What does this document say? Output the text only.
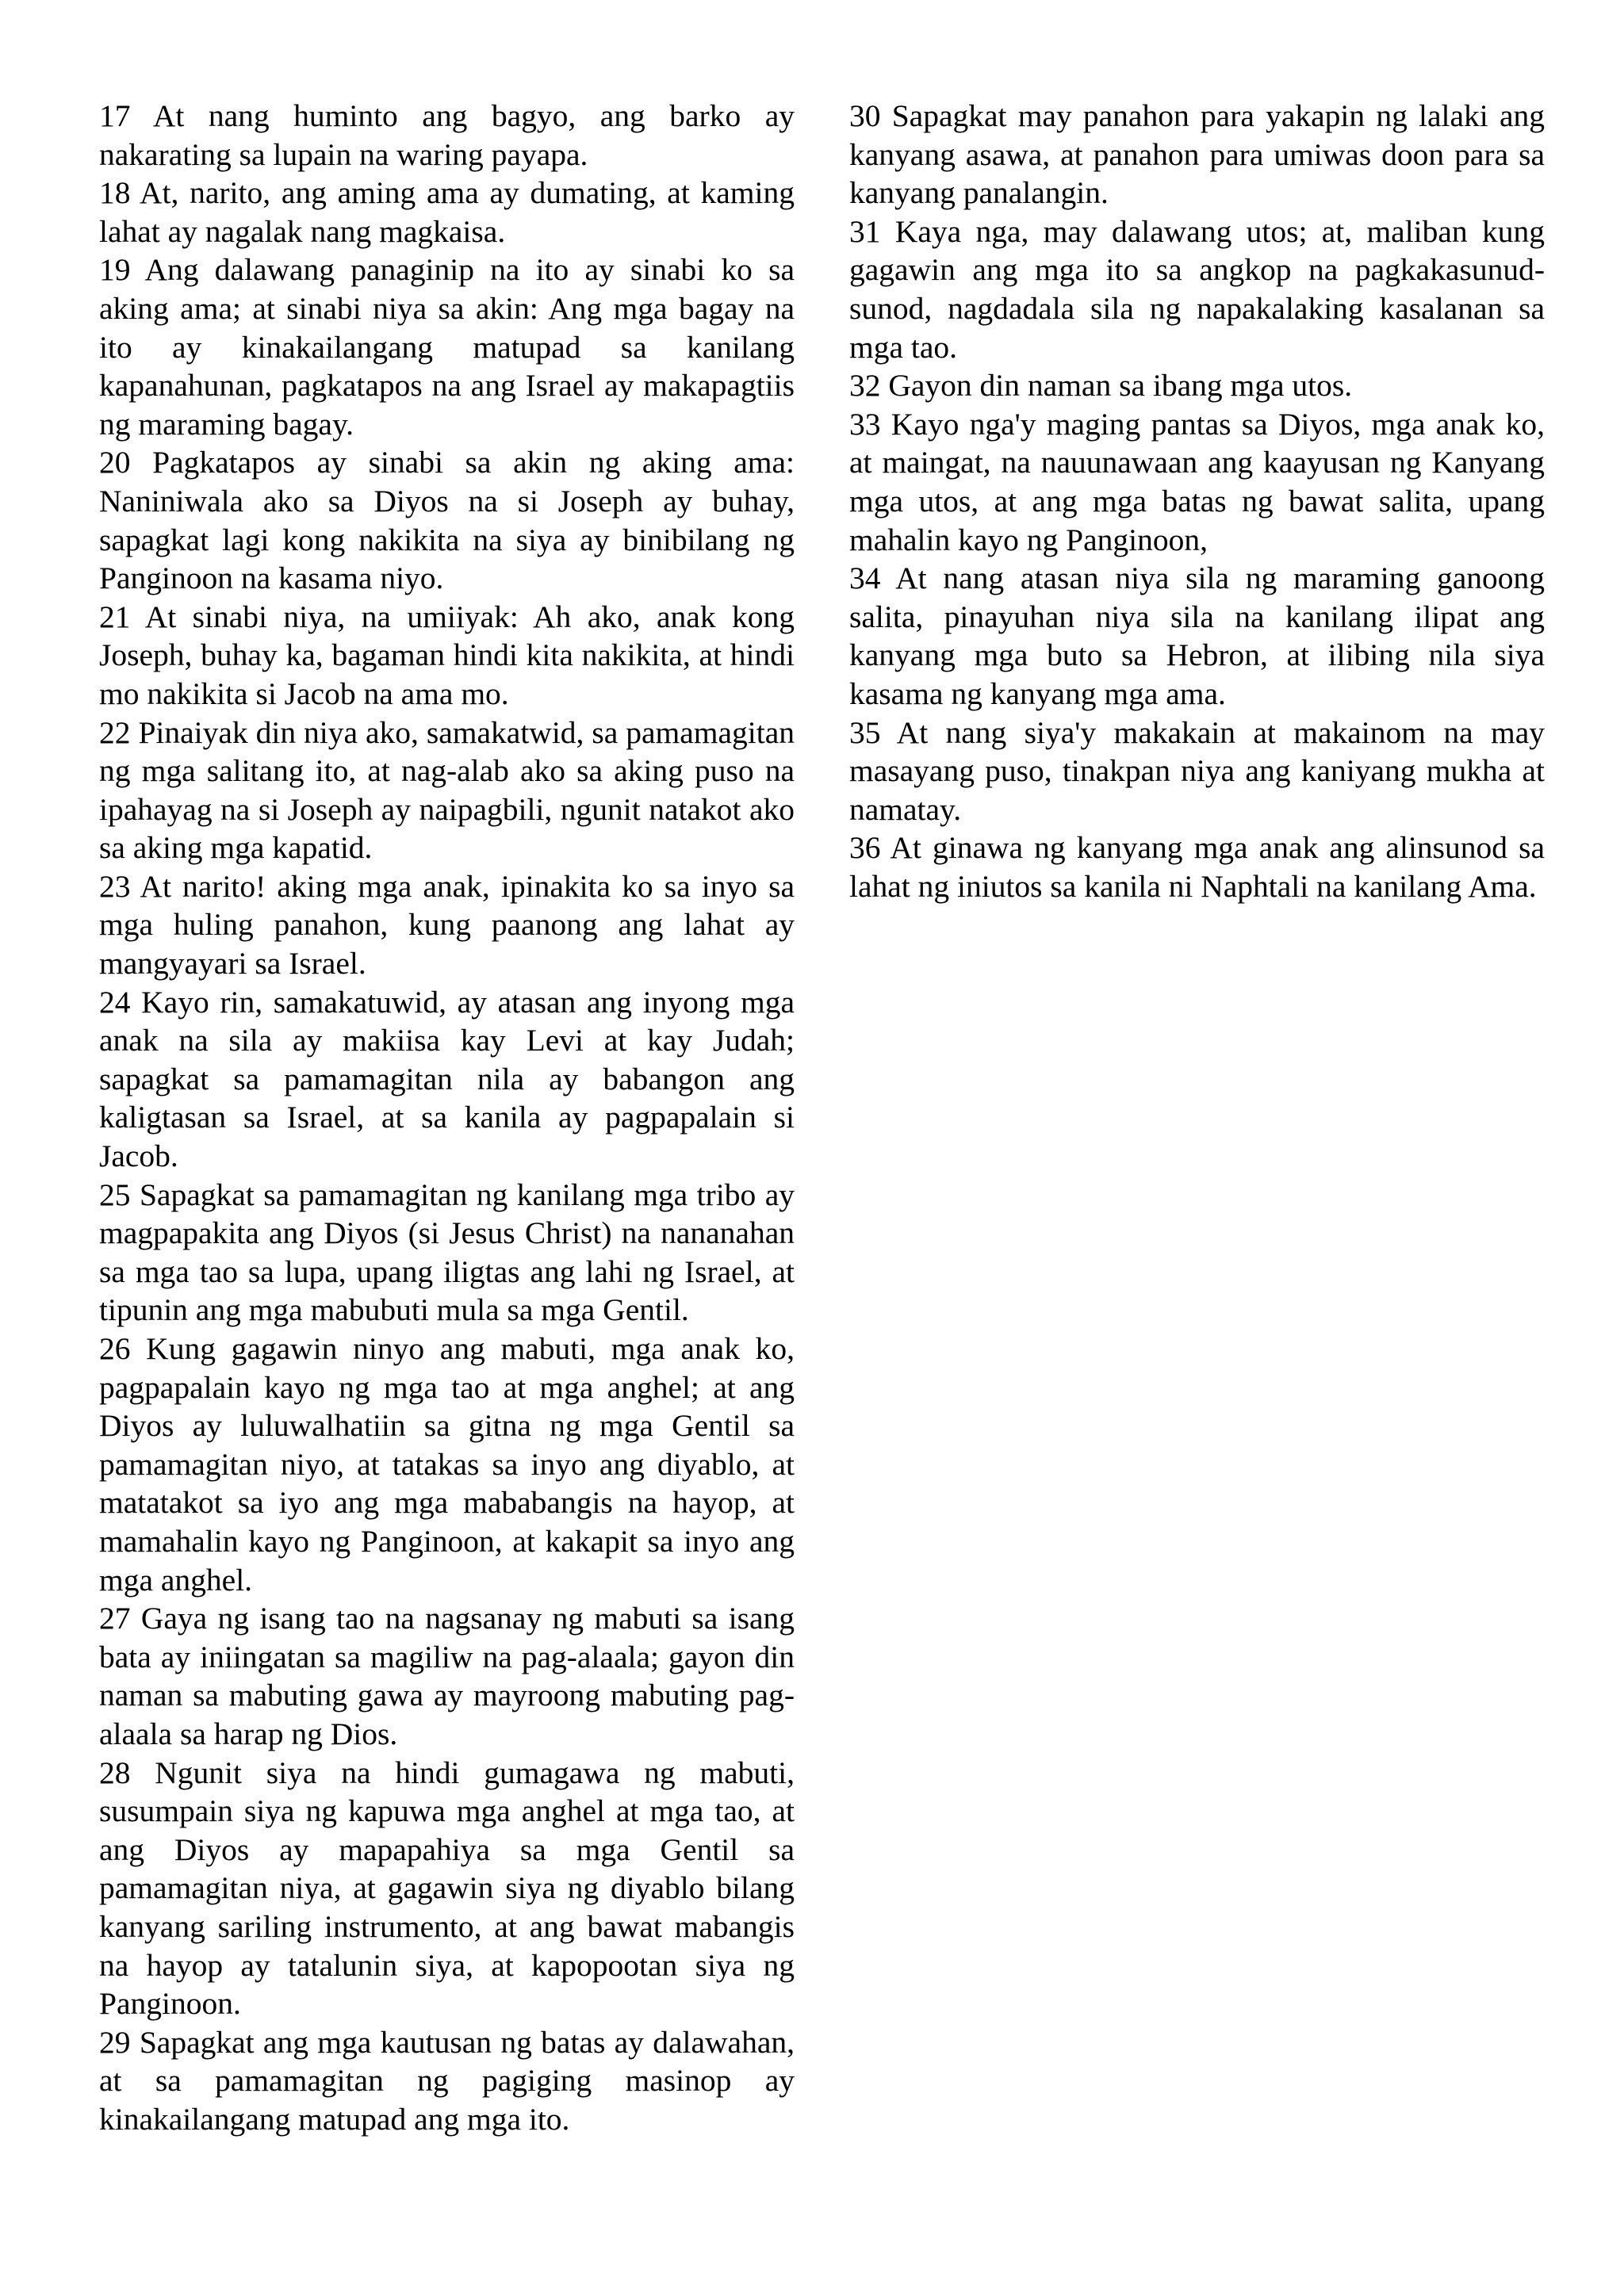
17 At nang huminto ang bagyo, ang barko ay nakarating sa lupain na waring payapa.

18 At, narito, ang aming ama ay dumating, at kaming lahat ay nagalak nang magkaisa.

19 Ang dalawang panaginip na ito ay sinabi ko sa aking ama; at sinabi niya sa akin: Ang mga bagay na ito ay kinakailangang matupad sa kanilang kapanahunan, pagkatapos na ang Israel ay makapagtiis ng maraming bagay.

20 Pagkatapos ay sinabi sa akin ng aking ama: Naniniwala ako sa Diyos na si Joseph ay buhay, sapagkat lagi kong nakikita na siya ay binibilang ng Panginoon na kasama niyo.

21 At sinabi niya, na umiiyak: Ah ako, anak kong Joseph, buhay ka, bagaman hindi kita nakikita, at hindi mo nakikita si Jacob na ama mo.

22 Pinaiyak din niya ako, samakatwid, sa pamamagitan ng mga salitang ito, at nag-alab ako sa aking puso na ipahayag na si Joseph ay naipagbili, ngunit natakot ako sa aking mga kapatid.

23 At narito! aking mga anak, ipinakita ko sa inyo sa mga huling panahon, kung paanong ang lahat ay mangyayari sa Israel.

24 Kayo rin, samakatuwid, ay atasan ang inyong mga anak na sila ay makiisa kay Levi at kay Judah; sapagkat sa pamamagitan nila ay babangon ang kaligtasan sa Israel, at sa kanila ay pagpapalain si Jacob.

25 Sapagkat sa pamamagitan ng kanilang mga tribo ay magpapakita ang Diyos (si Jesus Christ) na nananahan sa mga tao sa lupa, upang iligtas ang lahi ng Israel, at tipunin ang mga mabubuti mula sa mga Gentil.

26 Kung gagawin ninyo ang mabuti, mga anak ko, pagpapalain kayo ng mga tao at mga anghel; at ang Diyos ay luluwalhatiin sa gitna ng mga Gentil sa pamamagitan niyo, at tatakas sa inyo ang diyablo, at matatakot sa iyo ang mga mababangis na hayop, at mamahalin kayo ng Panginoon, at kakapit sa inyo ang mga anghel.

27 Gaya ng isang tao na nagsanay ng mabuti sa isang bata ay iniingatan sa magiliw na pag-alaala; gayon din naman sa mabuting gawa ay mayroong mabuting pag-alaala sa harap ng Dios.

28 Ngunit siya na hindi gumagawa ng mabuti, susumpain siya ng kapuwa mga anghel at mga tao, at ang Diyos ay mapapahiya sa mga Gentil sa pamamagitan niya, at gagawin siya ng diyablo bilang kanyang sariling instrumento, at ang bawat mabangis na hayop ay tatalunin siya, at kapopootan siya ng Panginoon.

29 Sapagkat ang mga kautusan ng batas ay dalawahan, at sa pamamagitan ng pagiging masinop ay kinakailangang matupad ang mga ito.

30 Sapagkat may panahon para yakapin ng lalaki ang kanyang asawa, at panahon para umiwas doon para sa kanyang panalangin.

31 Kaya nga, may dalawang utos; at, maliban kung gagawin ang mga ito sa angkop na pagkakasunud-sunod, nagdadala sila ng napakalaking kasalanan sa mga tao.

32 Gayon din naman sa ibang mga utos.

33 Kayo nga'y maging pantas sa Diyos, mga anak ko, at maingat, na nauunawaan ang kaayusan ng Kanyang mga utos, at ang mga batas ng bawat salita, upang mahalin kayo ng Panginoon,

34 At nang atasan niya sila ng maraming ganoong salita, pinayuhan niya sila na kanilang ilipat ang kanyang mga buto sa Hebron, at ilibing nila siya kasama ng kanyang mga ama.

35 At nang siya'y makakain at makainom na may masayang puso, tinakpan niya ang kaniyang mukha at namatay.

36 At ginawa ng kanyang mga anak ang alinsunod sa lahat ng iniutos sa kanila ni Naphtali na kanilang Ama.
